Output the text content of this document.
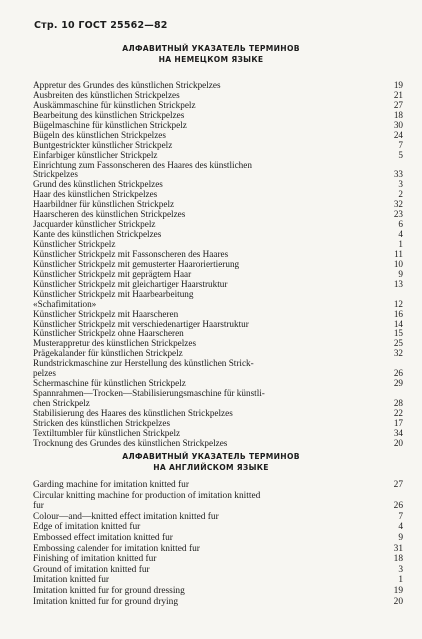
Стр. 10 ГОСТ 25562—82
АЛФАВИТНЫЙ УКАЗАТЕЛЬ ТЕРМИНОВ
НА НЕМЕЦКОМ ЯЗЫКЕ
Appretur des Grundes des künstlichen Strickpelzes	19
Ausbreiten des künstlichen Strickpelzes	21
Auskämmaschine für künstlichen Strickpelz	27
Bearbeitung des künstlichen Strickpelzes	18
Bügelmaschine für künstlichen Strickpelz	30
Bügeln des künstlichen Strickpelzes	24
Buntgestrickter künstlicher Strickpelz	7
Einfarbiger künstlicher Strickpelz	5
Einrichtung zum Fassonscheren des Haares des künstlichen
Strickpelzes	33
Grund des künstlichen Strickpelzes	3
Haar des künstlichen Strickpelzes	2
Haarbildner für künstlichen Strickpelz	32
Haarscheren des künstlichen Strickpelzes	23
Jacquarder künstlicher Strickpelz	6
Kante des künstlichen Strickpelzes	4
Künstlicher Strickpelz	1
Künstlicher Strickpelz mit Fassonscheren des Haares	11
Künstlicher Strickpelz mit gemusterter Haaroriertierung	10
Künstlicher Strickpelz mit geprägtem Haar	9
Künstlicher Strickpelz mit gleichartiger Haarstruktur	13
Künstlicher Strickpelz mit Haarbearbeitung
«Schafimitation»	12
Künstlicher Strickpelz mit Haarscheren	16
Künstlicher Strickpelz mit verschiedenartiger Haarstruktur	14
Künstlicher Strickpelz ohne Haarscheren	15
Musterappretur des künstlichen Strickpelzes	25
Prägekalander für künstlichen Strickpelz	32
Rundstrickmaschine zur Herstellung des künstlichen Strick-
pelzes	26
Schermaschine für künstlichen Strickpelz	29
Spannrahmen—Trocken—Stabilisierungsmaschine für künstli-
chen Strickpelz	28
Stabilisierung des Haares des künstlichen Strickpelzes	22
Stricken des künstlichen Strickpelzes	17
Textiltumbler für künstlichen Strickpelz	34
Trocknung des Grundes des künstlichen Strickpelzes	20
АЛФАВИТНЫЙ УКАЗАТЕЛЬ ТЕРМИНОВ
НА АНГЛИЙСКОМ ЯЗЫКЕ
Garding machine for imitation knitted fur	27
Circular knitting machine for production of imitation knitted
fur	26
Colour—and—knitted effect imitation knitted fur	7
Edge of imitation knitted fur	4
Embossed effect imitation knitted fur	9
Embossing calender for imitation knitted fur	31
Finishing of imitation knitted fur	18
Ground of imitation knitted fur	3
Imitation knitted fur	1
Imitation knitted fur for ground dressing	19
Imitation knitted fur for ground drying	20
